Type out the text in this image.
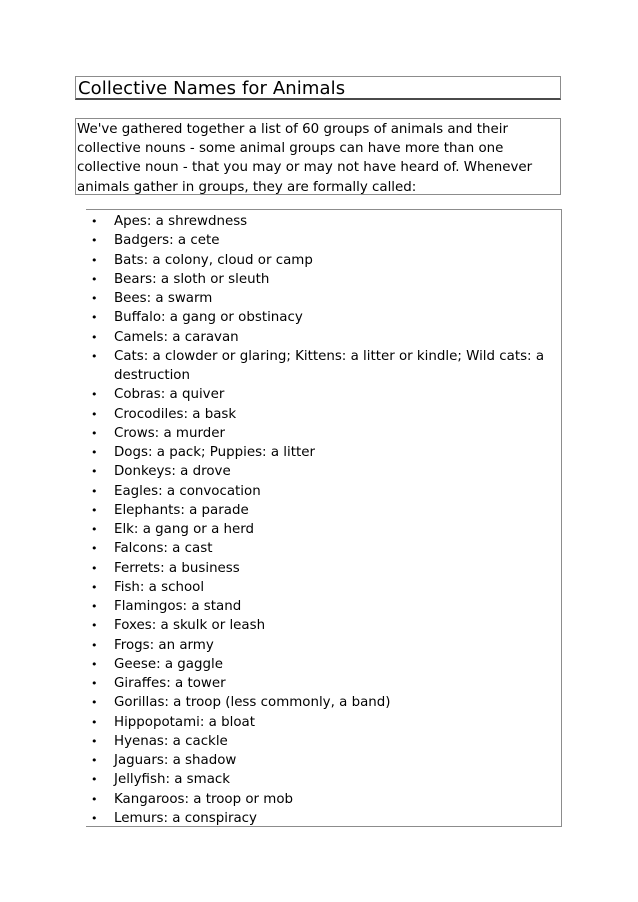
Collective Names for Animals

We've gathered together a list of 60 groups of animals and their collective nouns - some animal groups can have more than one collective noun - that you may or may not have heard of. Whenever animals gather in groups, they are formally called:

• Apes: a shrewdness
• Badgers: a cete
• Bats: a colony, cloud or camp
• Bears: a sloth or sleuth
• Bees: a swarm
• Buffalo: a gang or obstinacy
• Camels: a caravan
• Cats: a clowder or glaring; Kittens: a litter or kindle; Wild cats: a destruction
• Cobras: a quiver
• Crocodiles: a bask
• Crows: a murder
• Dogs: a pack; Puppies: a litter
• Donkeys: a drove
• Eagles: a convocation
• Elephants: a parade
• Elk: a gang or a herd
• Falcons: a cast
• Ferrets: a business
• Fish: a school
• Flamingos: a stand
• Foxes: a skulk or leash
• Frogs: an army
• Geese: a gaggle
• Giraffes: a tower
• Gorillas: a troop (less commonly, a band)
• Hippopotami: a bloat
• Hyenas: a cackle
• Jaguars: a shadow
• Jellyfish: a smack
• Kangaroos: a troop or mob
• Lemurs: a conspiracy
